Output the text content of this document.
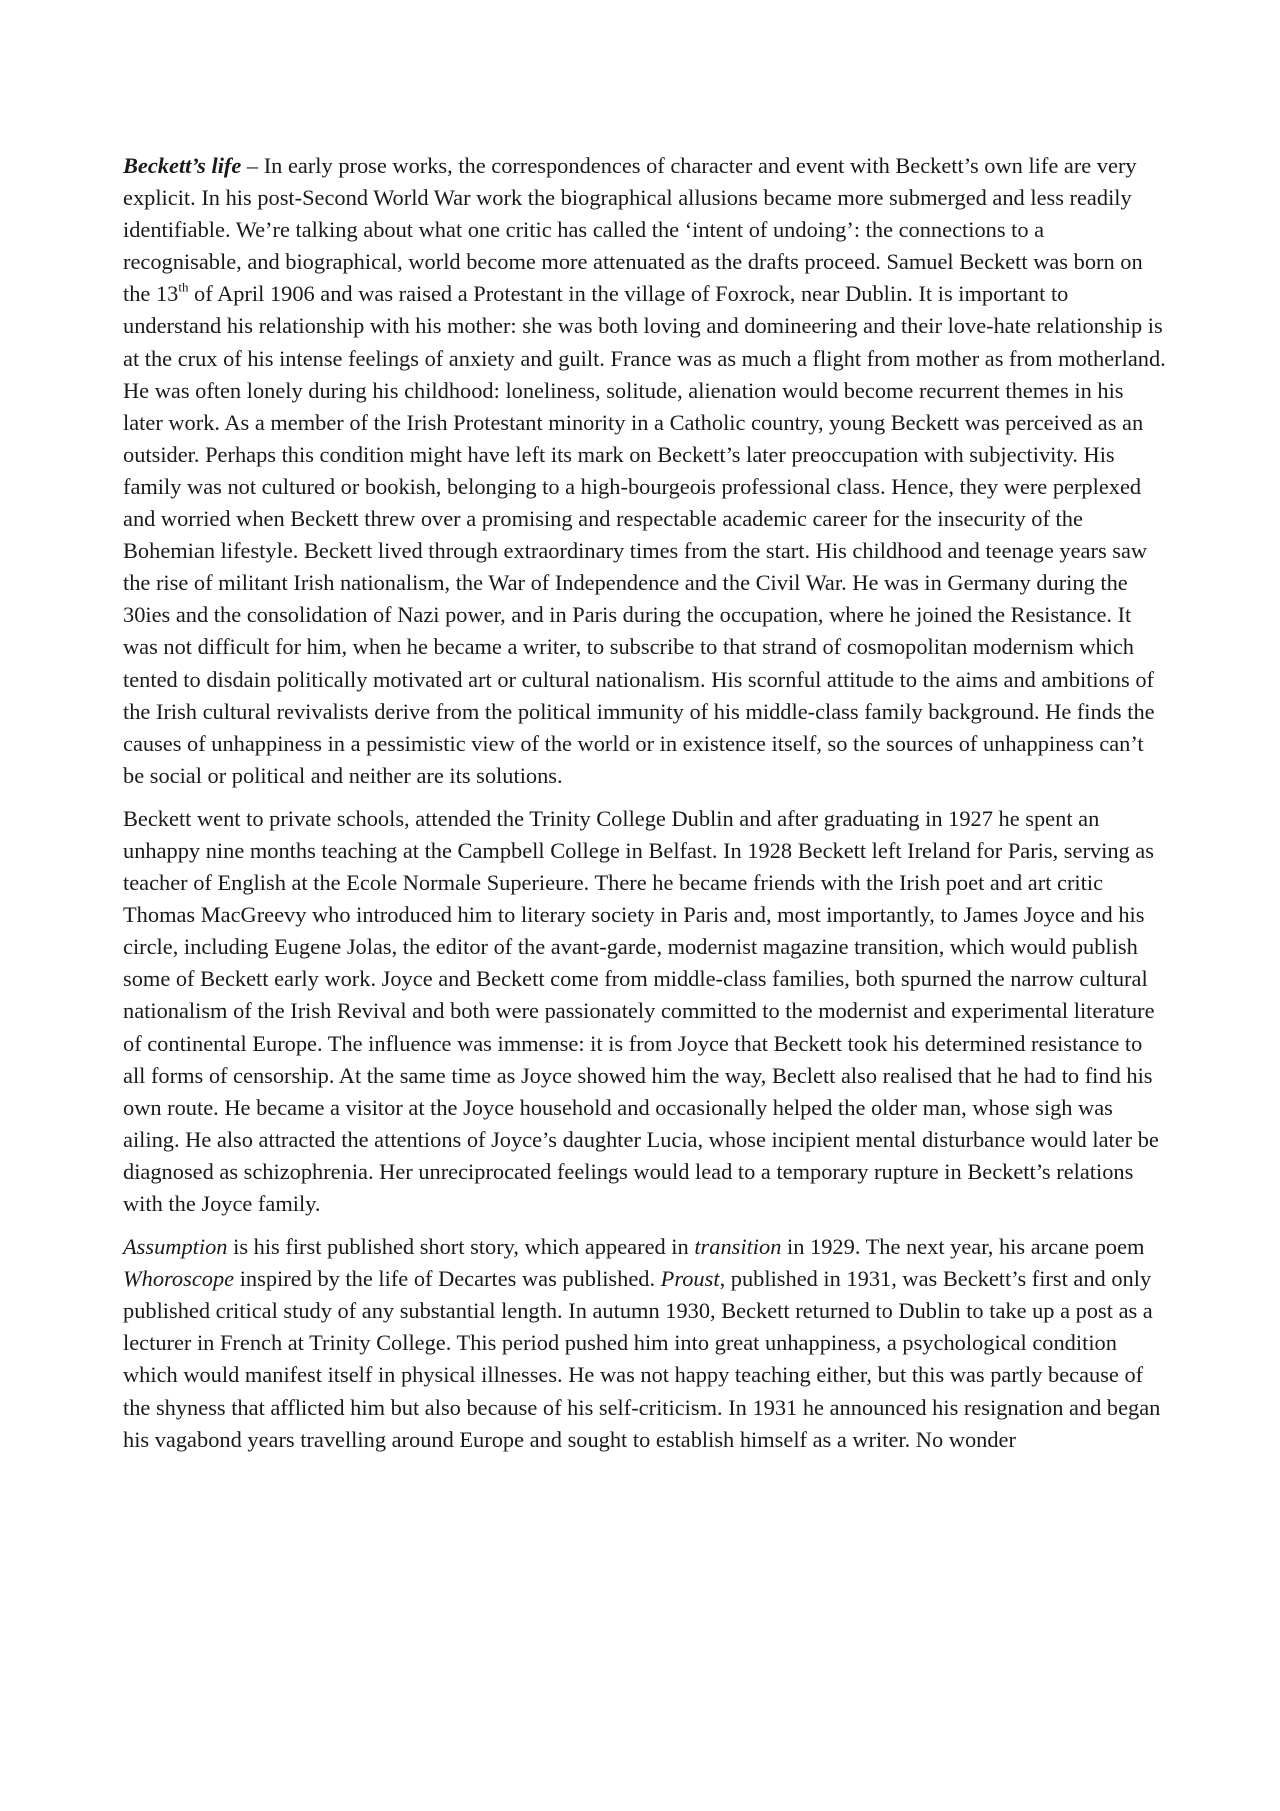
Beckett’s life – In early prose works, the correspondences of character and event with Beckett’s own life are very explicit. In his post-Second World War work the biographical allusions became more submerged and less readily identifiable. We’re talking about what one critic has called the ‘intent of undoing’: the connections to a recognisable, and biographical, world become more attenuated as the drafts proceed. Samuel Beckett was born on the 13th of April 1906 and was raised a Protestant in the village of Foxrock, near Dublin. It is important to understand his relationship with his mother: she was both loving and domineering and their love-hate relationship is at the crux of his intense feelings of anxiety and guilt. France was as much a flight from mother as from motherland. He was often lonely during his childhood: loneliness, solitude, alienation would become recurrent themes in his later work. As a member of the Irish Protestant minority in a Catholic country, young Beckett was perceived as an outsider. Perhaps this condition might have left its mark on Beckett’s later preoccupation with subjectivity. His family was not cultured or bookish, belonging to a high-bourgeois professional class. Hence, they were perplexed and worried when Beckett threw over a promising and respectable academic career for the insecurity of the Bohemian lifestyle. Beckett lived through extraordinary times from the start. His childhood and teenage years saw the rise of militant Irish nationalism, the War of Independence and the Civil War. He was in Germany during the 30ies and the consolidation of Nazi power, and in Paris during the occupation, where he joined the Resistance. It was not difficult for him, when he became a writer, to subscribe to that strand of cosmopolitan modernism which tented to disdain politically motivated art or cultural nationalism. His scornful attitude to the aims and ambitions of the Irish cultural revivalists derive from the political immunity of his middle-class family background. He finds the causes of unhappiness in a pessimistic view of the world or in existence itself, so the sources of unhappiness can’t be social or political and neither are its solutions.

Beckett went to private schools, attended the Trinity College Dublin and after graduating in 1927 he spent an unhappy nine months teaching at the Campbell College in Belfast. In 1928 Beckett left Ireland for Paris, serving as teacher of English at the Ecole Normale Superieure. There he became friends with the Irish poet and art critic Thomas MacGreevy who introduced him to literary society in Paris and, most importantly, to James Joyce and his circle, including Eugene Jolas, the editor of the avant-garde, modernist magazine transition, which would publish some of Beckett early work. Joyce and Beckett come from middle-class families, both spurned the narrow cultural nationalism of the Irish Revival and both were passionately committed to the modernist and experimental literature of continental Europe. The influence was immense: it is from Joyce that Beckett took his determined resistance to all forms of censorship. At the same time as Joyce showed him the way, Beclett also realised that he had to find his own route. He became a visitor at the Joyce household and occasionally helped the older man, whose sigh was ailing. He also attracted the attentions of Joyce’s daughter Lucia, whose incipient mental disturbance would later be diagnosed as schizophrenia. Her unreciprocated feelings would lead to a temporary rupture in Beckett’s relations with the Joyce family.

Assumption is his first published short story, which appeared in transition in 1929. The next year, his arcane poem Whoroscope inspired by the life of Decartes was published. Proust, published in 1931, was Beckett’s first and only published critical study of any substantial length. In autumn 1930, Beckett returned to Dublin to take up a post as a lecturer in French at Trinity College. This period pushed him into great unhappiness, a psychological condition which would manifest itself in physical illnesses. He was not happy teaching either, but this was partly because of the shyness that afflicted him but also because of his self-criticism. In 1931 he announced his resignation and began his vagabond years travelling around Europe and sought to establish himself as a writer. No wonder
